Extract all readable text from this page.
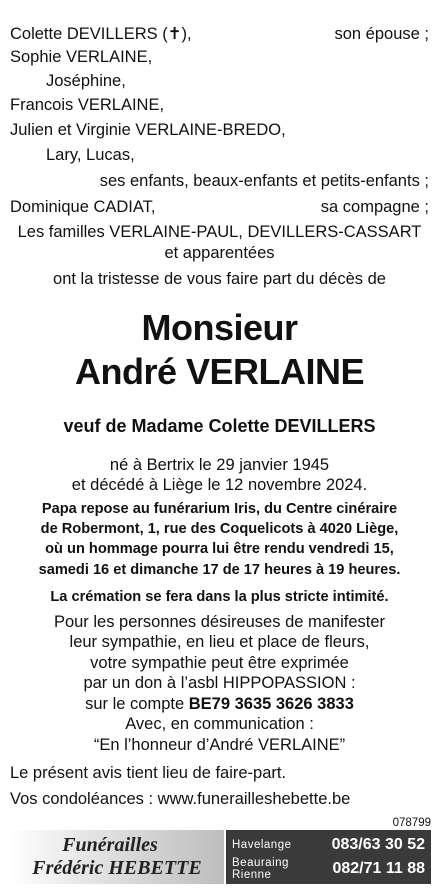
Colette DEVILLERS (✝),	son épouse ;
Sophie VERLAINE,
Joséphine,
Francois VERLAINE,
Julien et Virginie VERLAINE-BREDO,
Lary, Lucas,
ses enfants, beaux-enfants et petits-enfants ;
Dominique CADIAT,	sa compagne ;
Les familles VERLAINE-PAUL, DEVILLERS-CASSART
et apparentées
ont la tristesse de vous faire part du décès de
Monsieur
André VERLAINE
veuf de Madame Colette DEVILLERS
né à Bertrix le 29 janvier 1945
et décédé à Liège le 12 novembre 2024.
Papa repose au funérarium Iris, du Centre cinéraire
de Robermont, 1, rue des Coquelicots à 4020 Liège,
où un hommage pourra lui être rendu vendredi 15,
samedi 16 et dimanche 17 de 17 heures à 19 heures.
La crémation se fera dans la plus stricte intimité.
Pour les personnes désireuses de manifester
leur sympathie, en lieu et place de fleurs,
votre sympathie peut être exprimée
par un don à l’asbl HIPPOPASSION :
sur le compte BE79 3635 3626 3833
Avec, en communication :
“En l’honneur d’André VERLAINE”
Le présent avis tient lieu de faire-part.
Vos condoléances : www.funerailleshebette.be
078799
Funérailles
Frédéric HEBETTE
Havelange	083/63 30 52
Beauraing
Rienne	082/71 11 88
